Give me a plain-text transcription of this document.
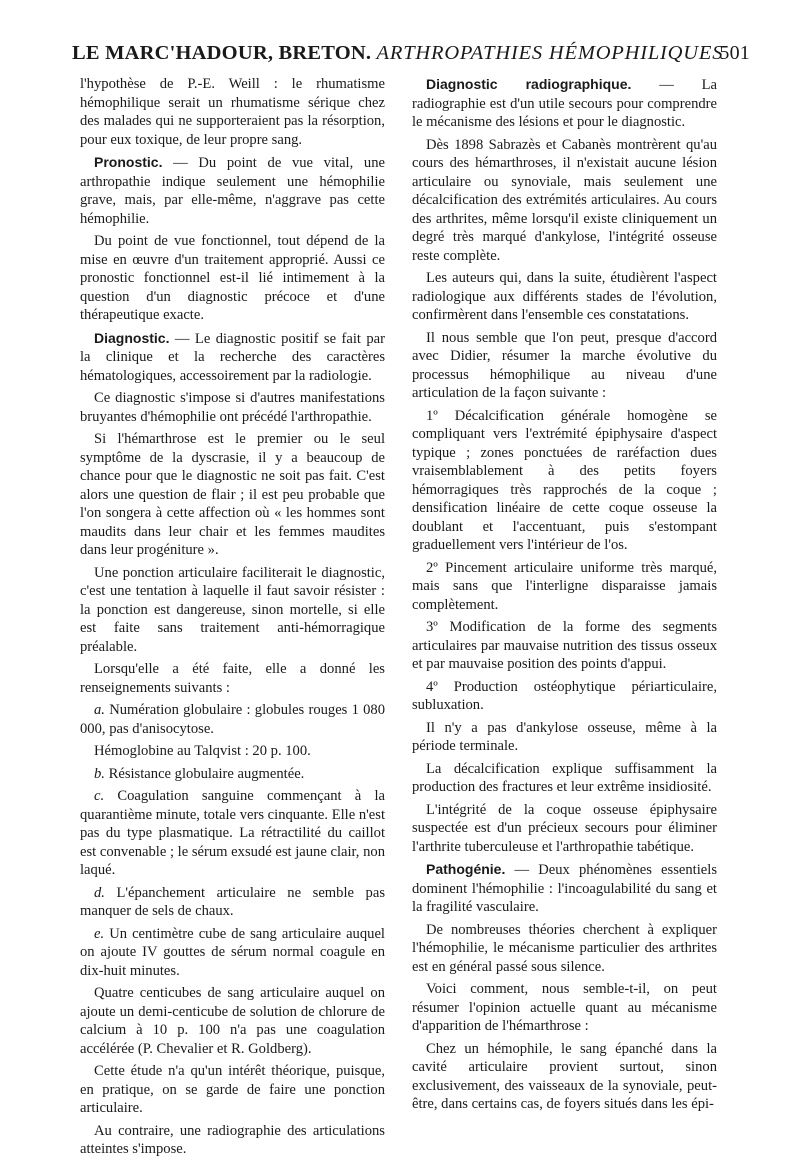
LE MARC'HADOUR, BRETON. ARTHROPATHIES HÉMOPHILIQUES
501

l'hypothèse de P.-E. Weill : le rhumatisme hémophilique serait un rhumatisme sérique chez des malades qui ne supporteraient pas la résorption, pour eux toxique, de leur propre sang.

Pronostic. — Du point de vue vital, une arthropathie indique seulement une hémophilie grave, mais, par elle-même, n'aggrave pas cette hémophilie.

Du point de vue fonctionnel, tout dépend de la mise en œuvre d'un traitement approprié. Aussi ce pronostic fonctionnel est-il lié intimement à la question d'un diagnostic précoce et d'une thérapeutique exacte.

Diagnostic. — Le diagnostic positif se fait par la clinique et la recherche des caractères hématologiques, accessoirement par la radiologie.

Ce diagnostic s'impose si d'autres manifestations bruyantes d'hémophilie ont précédé l'arthropathie.

Si l'hémarthrose est le premier ou le seul symptôme de la dyscrasie, il y a beaucoup de chance pour que le diagnostic ne soit pas fait. C'est alors une question de flair ; il est peu probable que l'on songera à cette affection où « les hommes sont maudits dans leur chair et les femmes maudites dans leur progéniture ».

Une ponction articulaire faciliterait le diagnostic, c'est une tentation à laquelle il faut savoir résister : la ponction est dangereuse, sinon mortelle, si elle est faite sans traitement anti-hémorragique préalable.

Lorsqu'elle a été faite, elle a donné les renseignements suivants :

a. Numération globulaire : globules rouges 1 080 000, pas d'anisocytose.

Hémoglobine au Talqvist : 20 p. 100.

b. Résistance globulaire augmentée.

c. Coagulation sanguine commençant à la quarantième minute, totale vers cinquante. Elle n'est pas du type plasmatique. La rétractilité du caillot est convenable ; le sérum exsudé est jaune clair, non laqué.

d. L'épanchement articulaire ne semble pas manquer de sels de chaux.

e. Un centimètre cube de sang articulaire auquel on ajoute IV gouttes de sérum normal coagule en dix-huit minutes.

Quatre centicubes de sang articulaire auquel on ajoute un demi-centicube de solution de chlorure de calcium à 10 p. 100 n'a pas une coagulation accélérée (P. Chevalier et R. Goldberg).

Cette étude n'a qu'un intérêt théorique, puisque, en pratique, on se garde de faire une ponction articulaire.

Au contraire, une radiographie des articulations atteintes s'impose.

Diagnostic radiographique. — La radiographie est d'un utile secours pour comprendre le mécanisme des lésions et pour le diagnostic.

Dès 1898 Sabrazès et Cabanès montrèrent qu'au cours des hémarthroses, il n'existait aucune lésion articulaire ou synoviale, mais seulement une décalcification des extrémités articulaires. Au cours des arthrites, même lorsqu'il existe cliniquement un degré très marqué d'ankylose, l'intégrité osseuse reste complète.

Les auteurs qui, dans la suite, étudièrent l'aspect radiologique aux différents stades de l'évolution, confirmèrent dans l'ensemble ces constatations.

Il nous semble que l'on peut, presque d'accord avec Didier, résumer la marche évolutive du processus hémophilique au niveau d'une articulation de la façon suivante :

1º Décalcification générale homogène se compliquant vers l'extrémité épiphysaire d'aspect typique ; zones ponctuées de raréfaction dues vraisemblablement à des petits foyers hémorragiques très rapprochés de la coque ; densification linéaire de cette coque osseuse la doublant et l'accentuant, puis s'estompant graduellement vers l'intérieur de l'os.

2º Pincement articulaire uniforme très marqué, mais sans que l'interligne disparaisse jamais complètement.

3º Modification de la forme des segments articulaires par mauvaise nutrition des tissus osseux et par mauvaise position des points d'appui.

4º Production ostéophytique périarticulaire, subluxation.

Il n'y a pas d'ankylose osseuse, même à la période terminale.

La décalcification explique suffisamment la production des fractures et leur extrême insidiosité.

L'intégrité de la coque osseuse épiphysaire suspectée est d'un précieux secours pour éliminer l'arthrite tuberculeuse et l'arthropathie tabétique.

Pathogénie. — Deux phénomènes essentiels dominent l'hémophilie : l'incoagulabilité du sang et la fragilité vasculaire.

De nombreuses théories cherchent à expliquer l'hémophilie, le mécanisme particulier des arthrites est en général passé sous silence.

Voici comment, nous semble-t-il, on peut résumer l'opinion actuelle quant au mécanisme d'apparition de l'hémarthrose :

Chez un hémophile, le sang épanché dans la cavité articulaire provient surtout, sinon exclusivement, des vaisseaux de la synoviale, peut-être, dans certains cas, de foyers situés dans les épi-
